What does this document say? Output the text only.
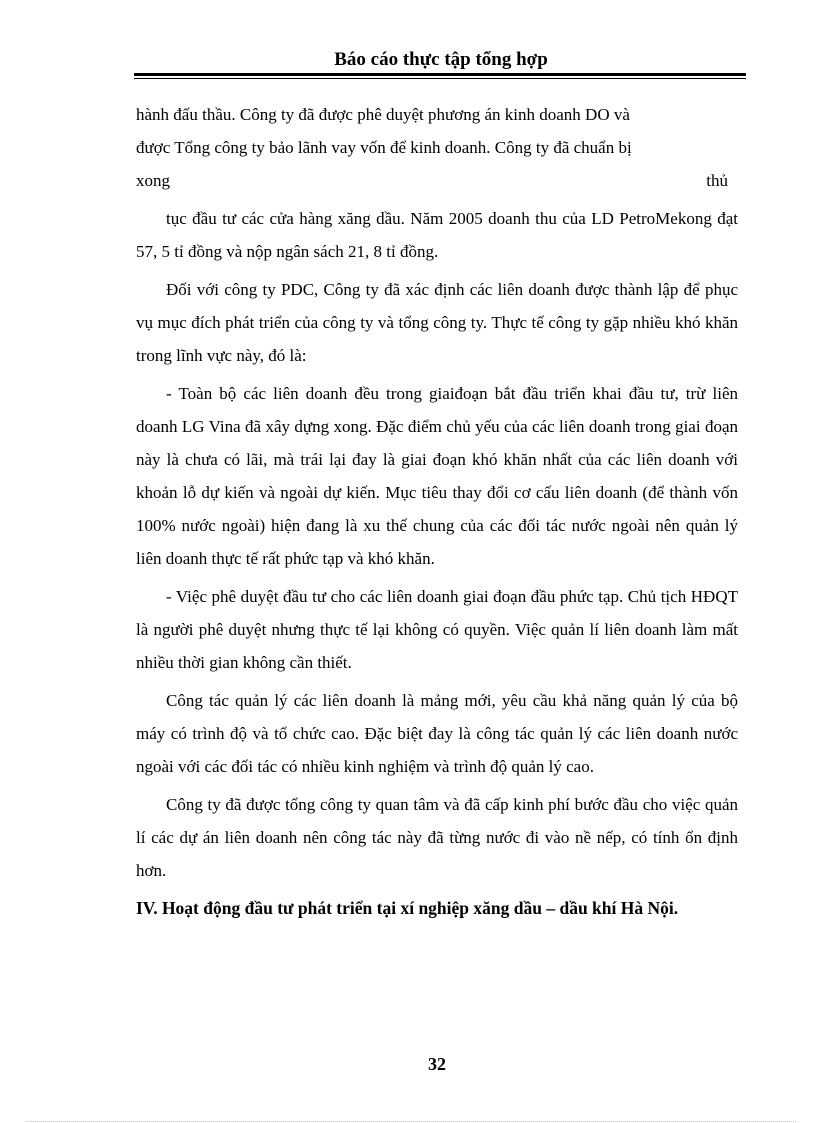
Báo cáo thực tập tổng hợp

hành đấu thầu. Công ty đã được phê duyệt phương án kinh doanh DO và

được Tổng công ty bảo lãnh vay vốn để kinh doanh. Công ty đã chuẩn bị

xong	thủ

tục đầu tư các cửa hàng xăng dầu. Năm 2005 doanh thu của LD PetroMekong đạt 57, 5 tỉ đồng và nộp ngân sách 21, 8 tỉ đồng.

Đối với công ty PDC, Công ty đã xác định các liên doanh được thành lập để phục vụ mục đích phát triển của công ty và tổng công ty. Thực tế công ty gặp nhiều khó khăn trong lĩnh vực này, đó là:

- Toàn bộ các liên doanh đều trong giaiđoạn bắt đầu triển khai đầu tư, trừ liên doanh LG Vina đã xây dựng xong. Đặc điểm chủ yếu của các liên doanh trong giai đoạn này là chưa có lãi, mà trái lại đay là giai đoạn khó khăn nhất của các liên doanh với khoản lỗ dự kiến và ngoài dự kiến. Mục tiêu thay đổi cơ cấu liên doanh (để thành vốn 100% nước ngoài) hiện đang là xu thế chung của các đối tác nước ngoài nên quản lý liên doanh thực tế rất phức tạp và khó khăn.

- Việc phê duyệt đầu tư cho các liên doanh giai đoạn đầu phức tạp. Chủ tịch HĐQT là người phê duyệt nhưng thực tế lại không có quyền. Việc quản lí liên doanh làm mất nhiều thời gian không cần thiết.

Công tác quản lý các liên doanh là mảng mới, yêu cầu khả năng quản lý của bộ máy có trình độ và tổ chức cao. Đặc biệt đay là công tác quản lý các liên doanh nước ngoài với các đối tác có nhiều kinh nghiệm và trình độ quản lý cao.

Công ty đã được tổng công ty quan tâm và đã cấp kinh phí bước đầu cho việc quản lí các dự án liên doanh nên công tác này đã từng nước đi vào nề nếp, có tính ổn định hơn.

IV. Hoạt động đầu tư phát triển tại xí nghiệp xăng dầu – dầu khí Hà Nội.

32
